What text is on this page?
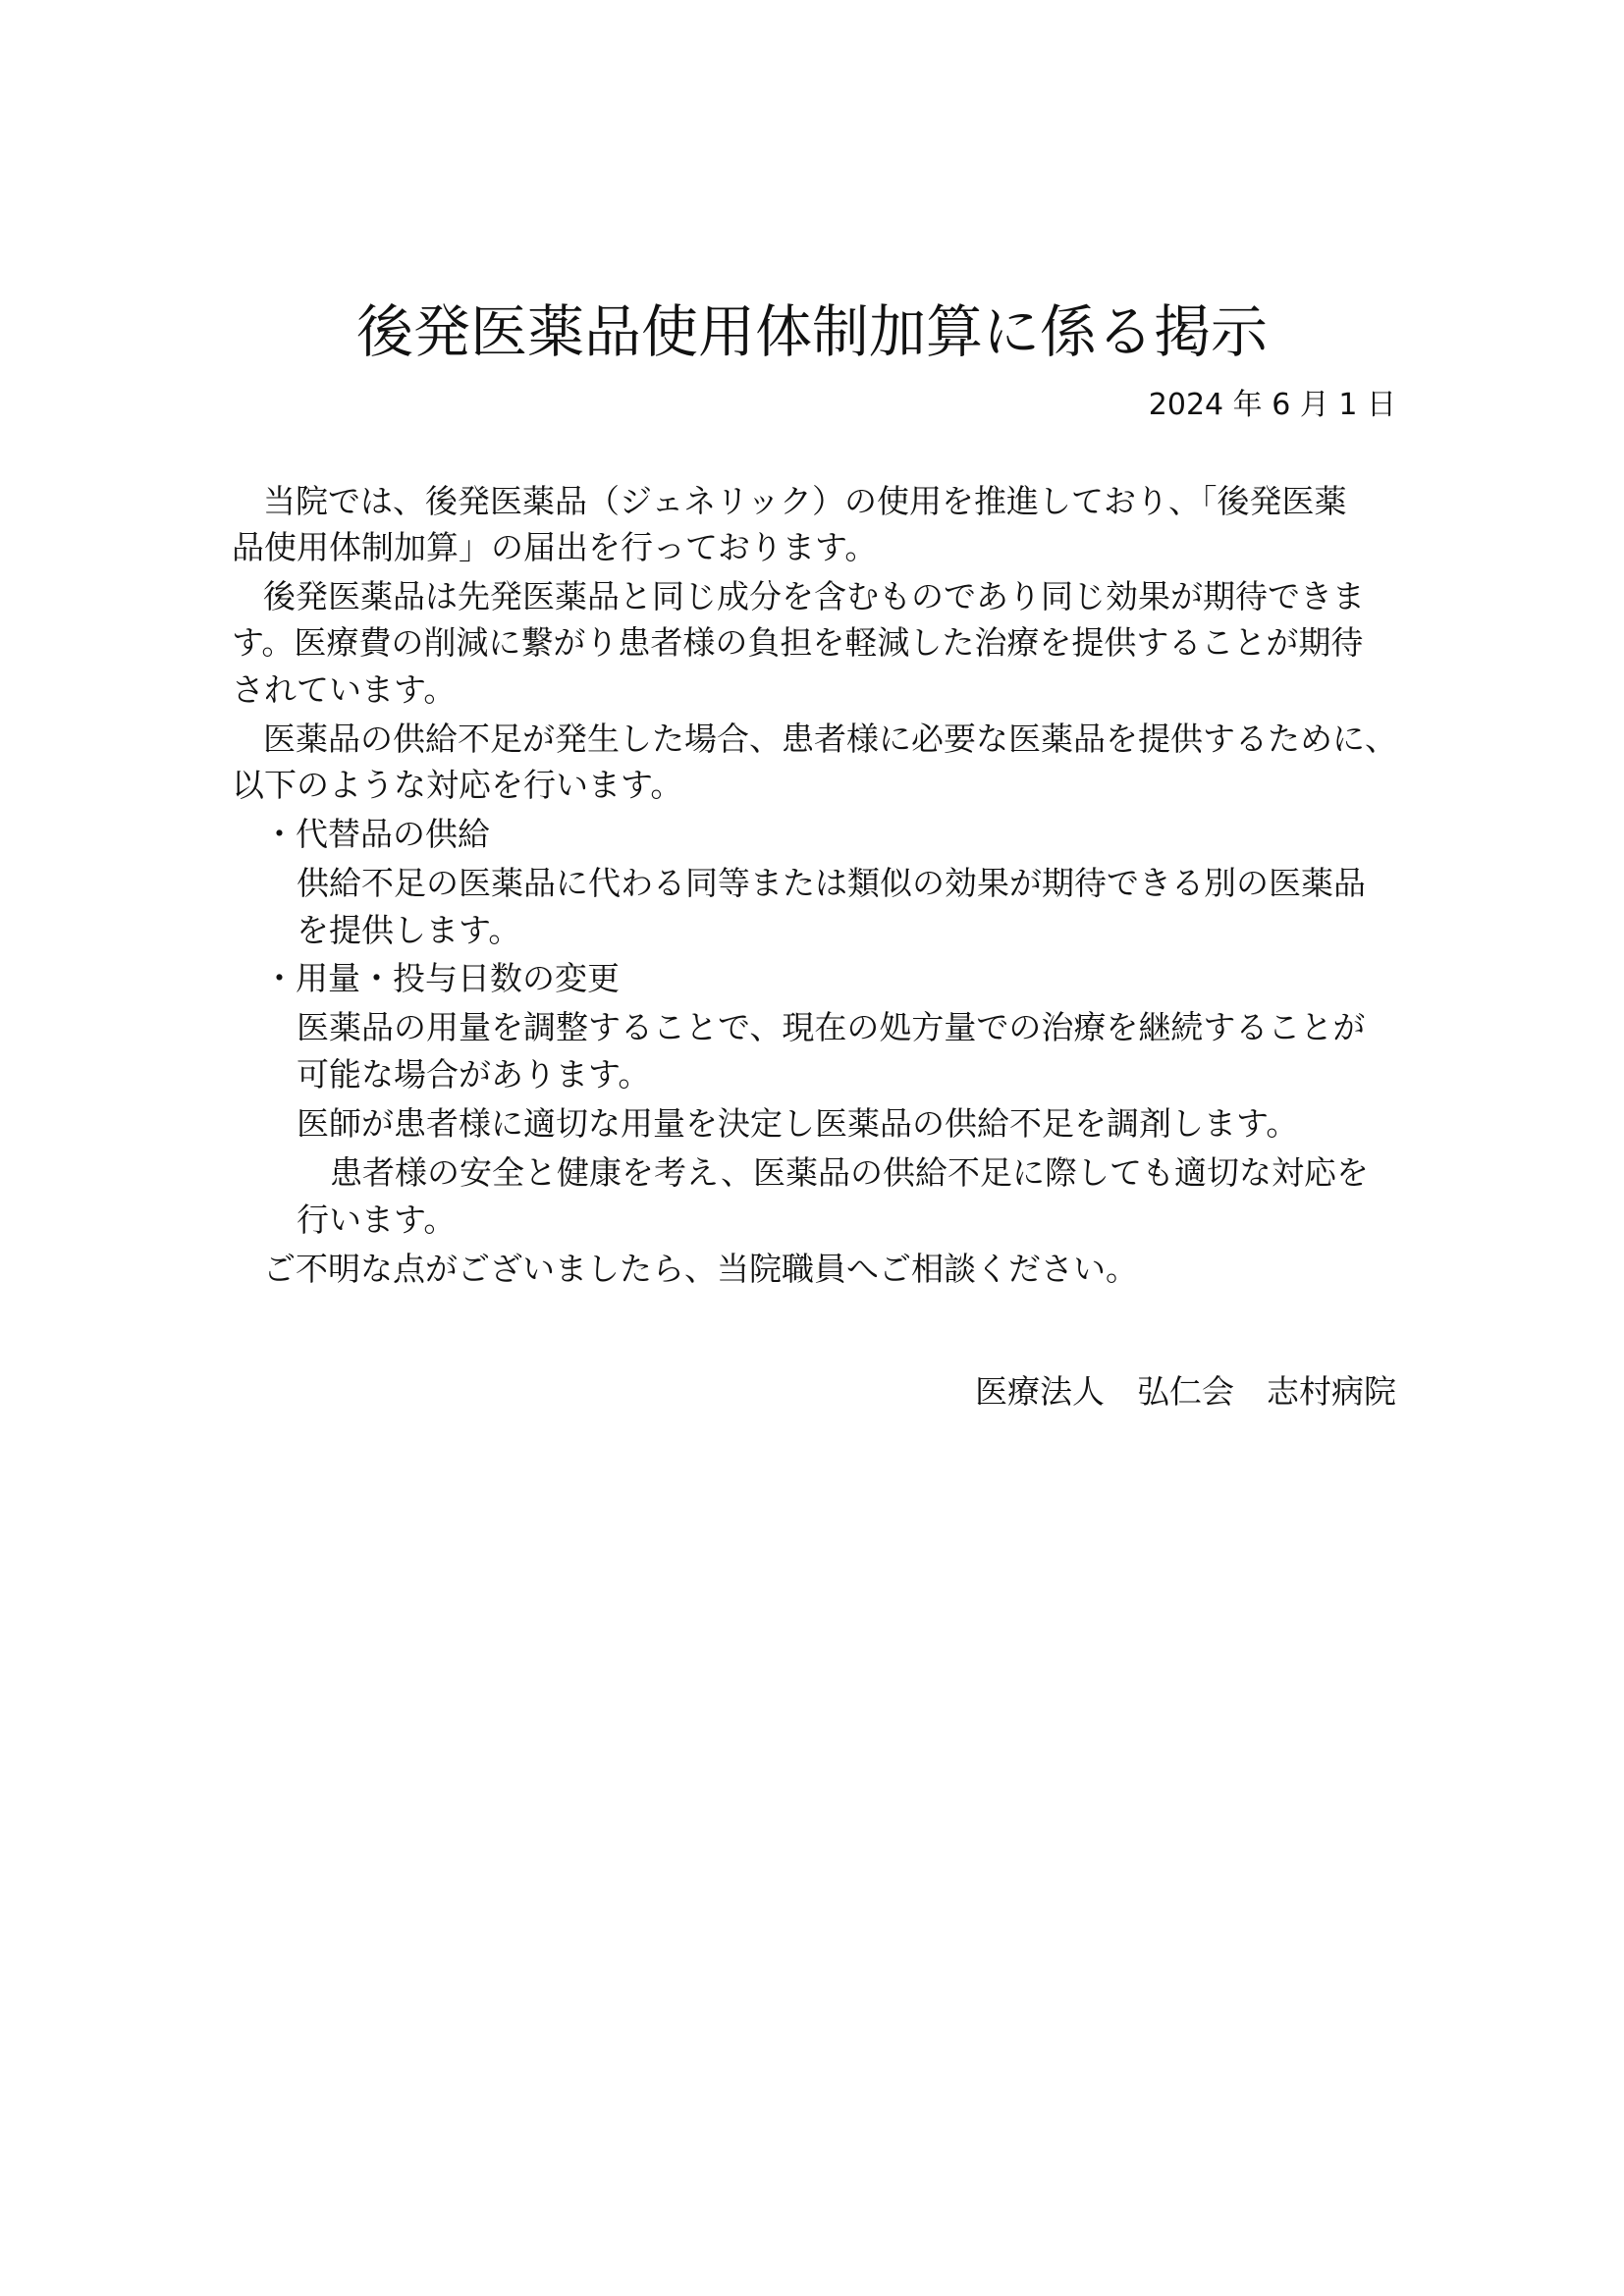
後発医薬品使用体制加算に係る掲示
2024 年 6 月 1 日
当院では、後発医薬品（ジェネリック）の使用を推進しており、「後発医薬
品使用体制加算」の届出を行っております。
後発医薬品は先発医薬品と同じ成分を含むものであり同じ効果が期待できま
す。医療費の削減に繋がり患者様の負担を軽減した治療を提供することが期待
されています。
医薬品の供給不足が発生した場合、患者様に必要な医薬品を提供するために、
以下のような対応を行います。
・代替品の供給
供給不足の医薬品に代わる同等または類似の効果が期待できる別の医薬品
を提供します。
・用量・投与日数の変更
医薬品の用量を調整することで、現在の処方量での治療を継続することが
可能な場合があります。
医師が患者様に適切な用量を決定し医薬品の供給不足を調剤します。
患者様の安全と健康を考え、医薬品の供給不足に際しても適切な対応を
行います。
ご不明な点がございましたら、当院職員へご相談ください。
医療法人　弘仁会　志村病院
